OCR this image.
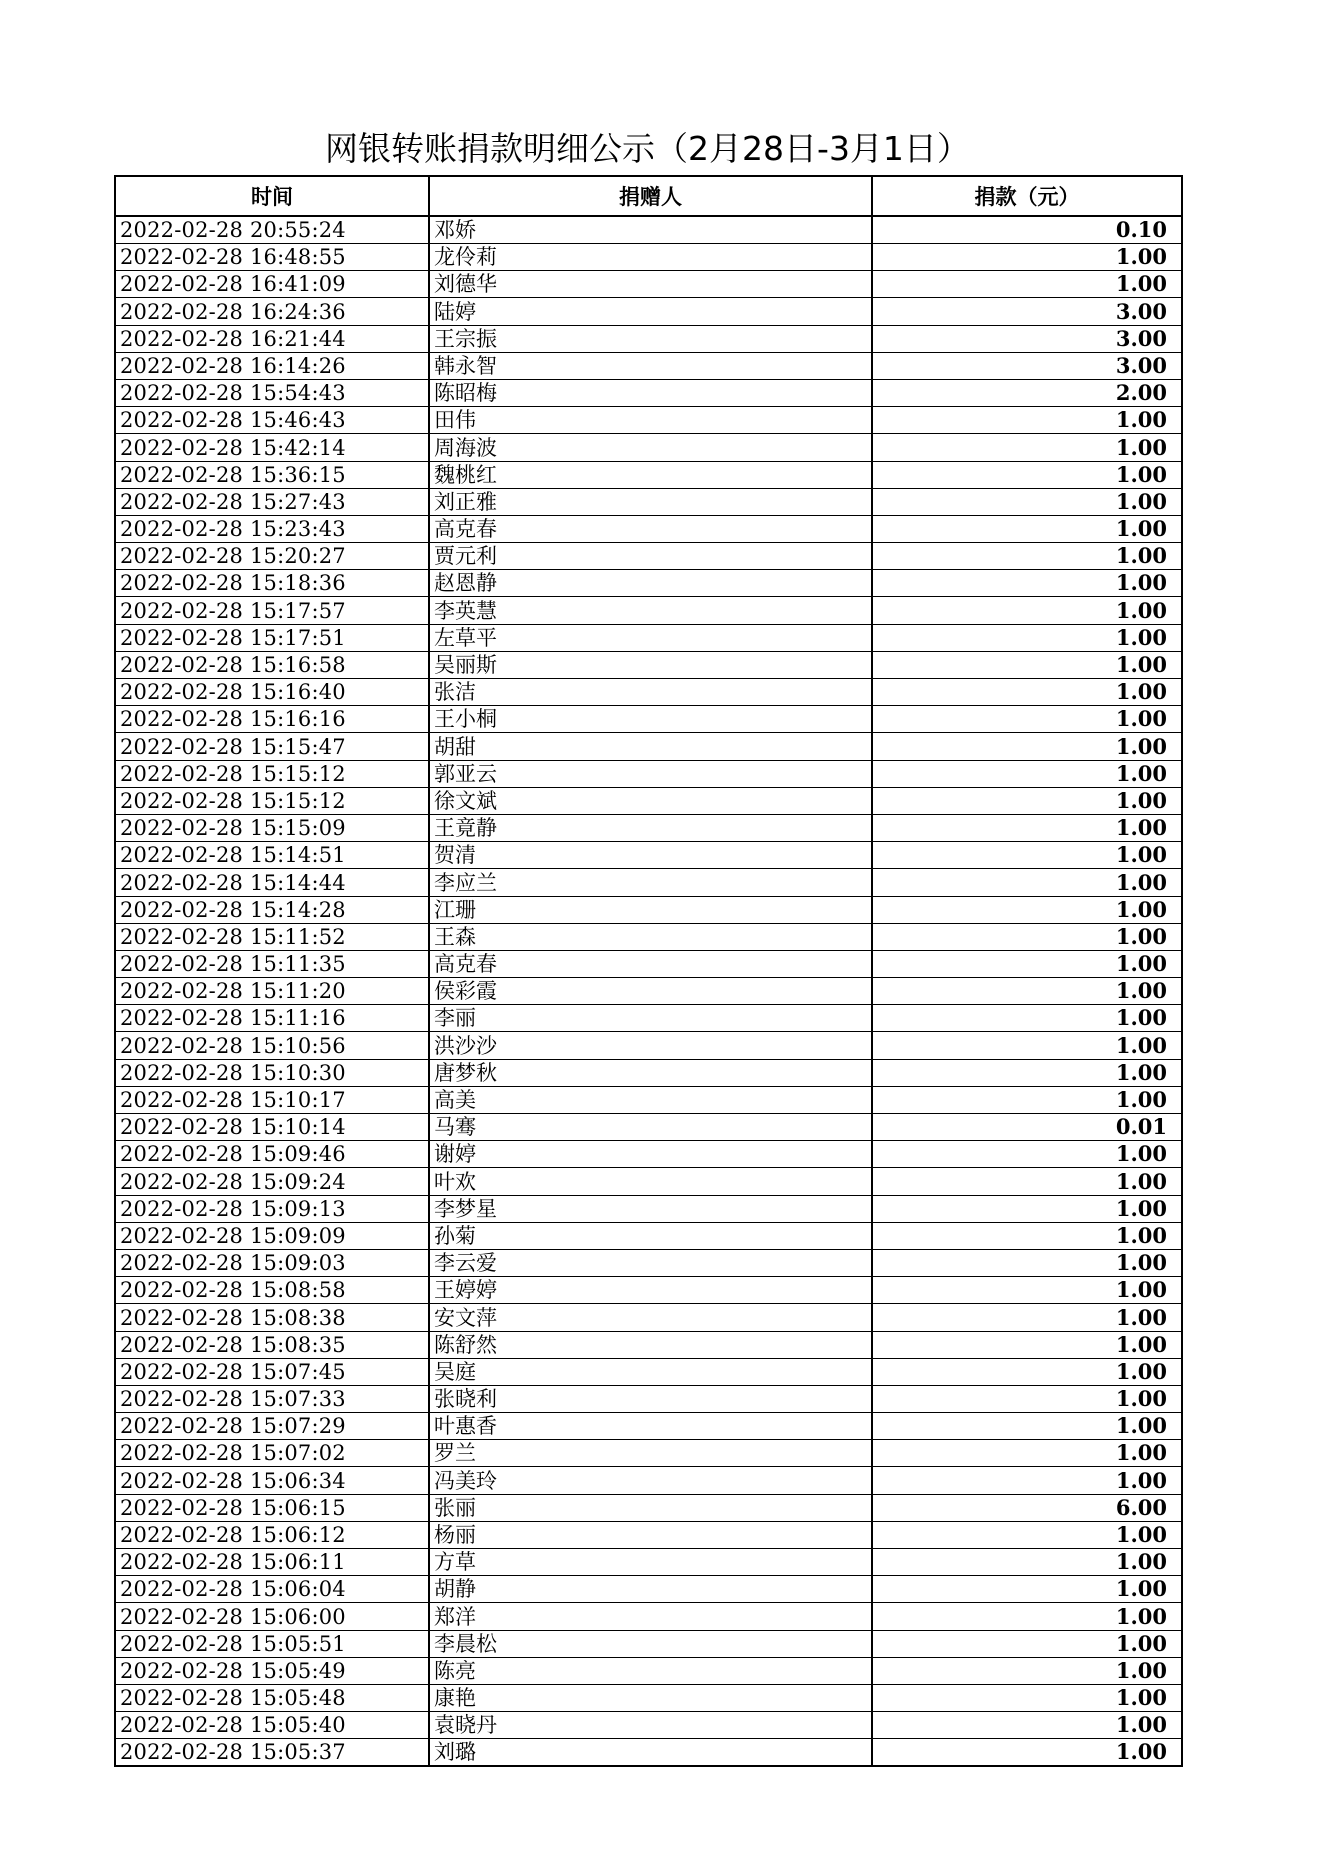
网银转账捐款明细公示（2月28日-3月1日）
时间	捐赠人	捐款（元）
2022-02-28 20:55:24	邓娇	0.10
2022-02-28 16:48:55	龙伶莉	1.00
2022-02-28 16:41:09	刘德华	1.00
2022-02-28 16:24:36	陆婷	3.00
2022-02-28 16:21:44	王宗振	3.00
2022-02-28 16:14:26	韩永智	3.00
2022-02-28 15:54:43	陈昭梅	2.00
2022-02-28 15:46:43	田伟	1.00
2022-02-28 15:42:14	周海波	1.00
2022-02-28 15:36:15	魏桃红	1.00
2022-02-28 15:27:43	刘正雅	1.00
2022-02-28 15:23:43	高克春	1.00
2022-02-28 15:20:27	贾元利	1.00
2022-02-28 15:18:36	赵恩静	1.00
2022-02-28 15:17:57	李英慧	1.00
2022-02-28 15:17:51	左草平	1.00
2022-02-28 15:16:58	吴丽斯	1.00
2022-02-28 15:16:40	张洁	1.00
2022-02-28 15:16:16	王小桐	1.00
2022-02-28 15:15:47	胡甜	1.00
2022-02-28 15:15:12	郭亚云	1.00
2022-02-28 15:15:12	徐文斌	1.00
2022-02-28 15:15:09	王竟静	1.00
2022-02-28 15:14:51	贺清	1.00
2022-02-28 15:14:44	李应兰	1.00
2022-02-28 15:14:28	江珊	1.00
2022-02-28 15:11:52	王森	1.00
2022-02-28 15:11:35	高克春	1.00
2022-02-28 15:11:20	侯彩霞	1.00
2022-02-28 15:11:16	李丽	1.00
2022-02-28 15:10:56	洪沙沙	1.00
2022-02-28 15:10:30	唐梦秋	1.00
2022-02-28 15:10:17	高美	1.00
2022-02-28 15:10:14	马骞	0.01
2022-02-28 15:09:46	谢婷	1.00
2022-02-28 15:09:24	叶欢	1.00
2022-02-28 15:09:13	李梦星	1.00
2022-02-28 15:09:09	孙菊	1.00
2022-02-28 15:09:03	李云爱	1.00
2022-02-28 15:08:58	王婷婷	1.00
2022-02-28 15:08:38	安文萍	1.00
2022-02-28 15:08:35	陈舒然	1.00
2022-02-28 15:07:45	吴庭	1.00
2022-02-28 15:07:33	张晓利	1.00
2022-02-28 15:07:29	叶惠香	1.00
2022-02-28 15:07:02	罗兰	1.00
2022-02-28 15:06:34	冯美玲	1.00
2022-02-28 15:06:15	张丽	6.00
2022-02-28 15:06:12	杨丽	1.00
2022-02-28 15:06:11	方草	1.00
2022-02-28 15:06:04	胡静	1.00
2022-02-28 15:06:00	郑洋	1.00
2022-02-28 15:05:51	李晨松	1.00
2022-02-28 15:05:49	陈亮	1.00
2022-02-28 15:05:48	康艳	1.00
2022-02-28 15:05:40	袁晓丹	1.00
2022-02-28 15:05:37	刘璐	1.00
